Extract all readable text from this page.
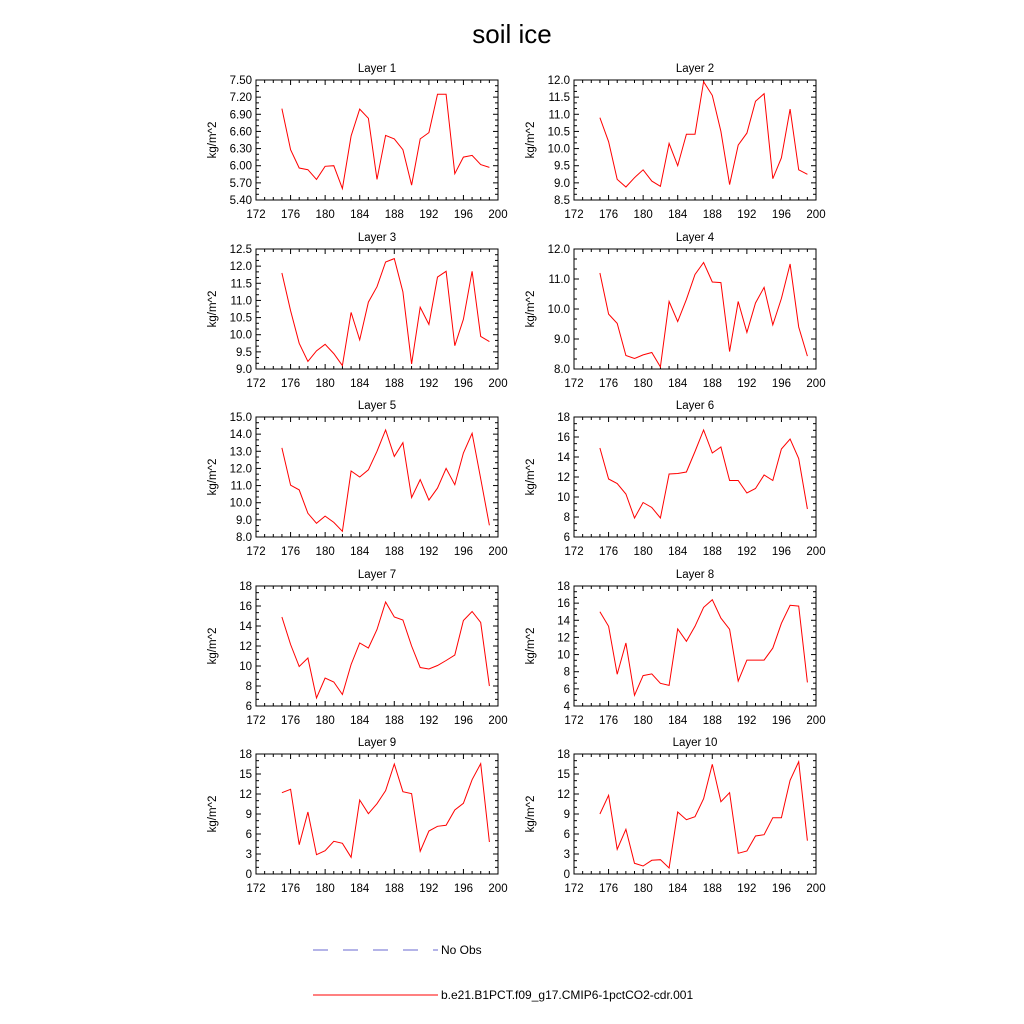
soil ice
Layer 1
172 176 180 184 188 192 196 200
5.40
5.70
6.00
6.30
6.60
6.90
7.20
7.50
kg/m^2
Layer 2
172 176 180 184 188 192 196 200
8.5
9.0
9.5
10.0
10.5
11.0
11.5
12.0
kg/m^2
Layer 3
172 176 180 184 188 192 196 200
9.0
9.5
10.0
10.5
11.0
11.5
12.0
12.5
kg/m^2
Layer 4
172 176 180 184 188 192 196 200
8.0
9.0
10.0
11.0
12.0
kg/m^2
Layer 5
172 176 180 184 188 192 196 200
8.0
9.0
10.0
11.0
12.0
13.0
14.0
15.0
kg/m^2
Layer 6
172 176 180 184 188 192 196 200
6
8
10
12
14
16
18
kg/m^2
Layer 7
172 176 180 184 188 192 196 200
6
8
10
12
14
16
18
kg/m^2
Layer 8
172 176 180 184 188 192 196 200
4
6
8
10
12
14
16
18
kg/m^2
Layer 9
172 176 180 184 188 192 196 200
0
3
6
9
12
15
18
kg/m^2
Layer 10
172 176 180 184 188 192 196 200
0
3
6
9
12
15
18
kg/m^2
No Obs
b.e21.B1PCT.f09_g17.CMIP6-1pctCO2-cdr.001
